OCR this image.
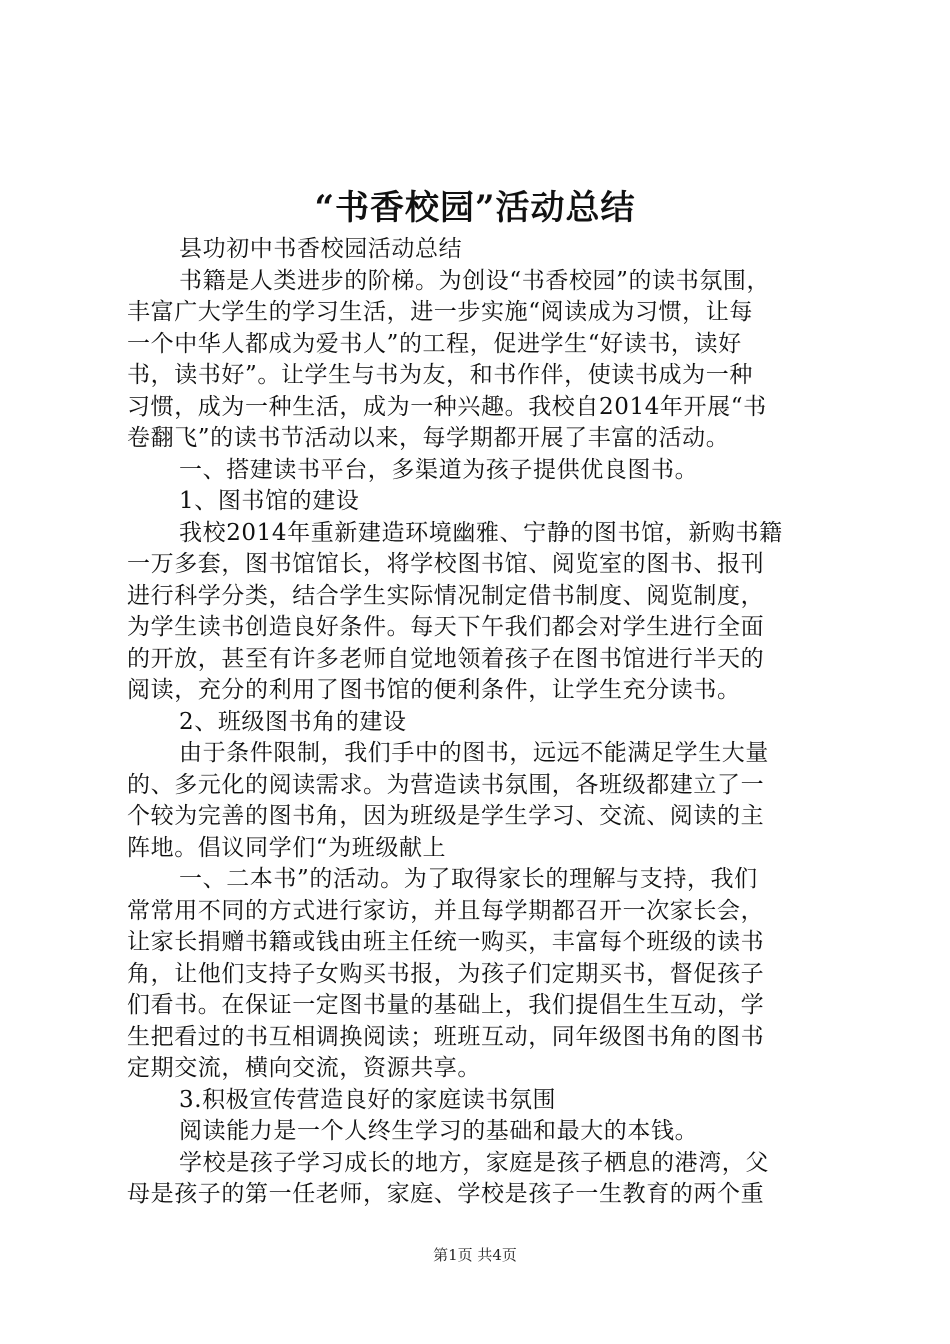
“书香校园”活动总结
县功初中书香校园活动总结
书籍是人类进步的阶梯。为创设“书香校园”的读书氛围，
丰富广大学生的学习生活，进一步实施“阅读成为习惯，让每
一个中华人都成为爱书人”的工程，促进学生“好读书，读好
书，读书好”。让学生与书为友，和书作伴，使读书成为一种
习惯，成为一种生活，成为一种兴趣。我校自2014年开展“书
卷翻飞”的读书节活动以来，每学期都开展了丰富的活动。
一、搭建读书平台，多渠道为孩子提供优良图书。
1、图书馆的建设
我校2014年重新建造环境幽雅、宁静的图书馆，新购书籍
一万多套，图书馆馆长，将学校图书馆、阅览室的图书、报刊
进行科学分类，结合学生实际情况制定借书制度、阅览制度，
为学生读书创造良好条件。每天下午我们都会对学生进行全面
的开放，甚至有许多老师自觉地领着孩子在图书馆进行半天的
阅读，充分的利用了图书馆的便利条件，让学生充分读书。
2、班级图书角的建设
由于条件限制，我们手中的图书，远远不能满足学生大量
的、多元化的阅读需求。为营造读书氛围，各班级都建立了一
个较为完善的图书角，因为班级是学生学习、交流、阅读的主
阵地。倡议同学们“为班级献上
一、二本书”的活动。为了取得家长的理解与支持，我们
常常用不同的方式进行家访，并且每学期都召开一次家长会，
让家长捐赠书籍或钱由班主任统一购买，丰富每个班级的读书
角，让他们支持子女购买书报，为孩子们定期买书，督促孩子
们看书。在保证一定图书量的基础上，我们提倡生生互动，学
生把看过的书互相调换阅读；班班互动，同年级图书角的图书
定期交流，横向交流，资源共享。
3.积极宣传营造良好的家庭读书氛围
阅读能力是一个人终生学习的基础和最大的本钱。
学校是孩子学习成长的地方，家庭是孩子栖息的港湾，父
母是孩子的第一任老师，家庭、学校是孩子一生教育的两个重
第1页 共4页
